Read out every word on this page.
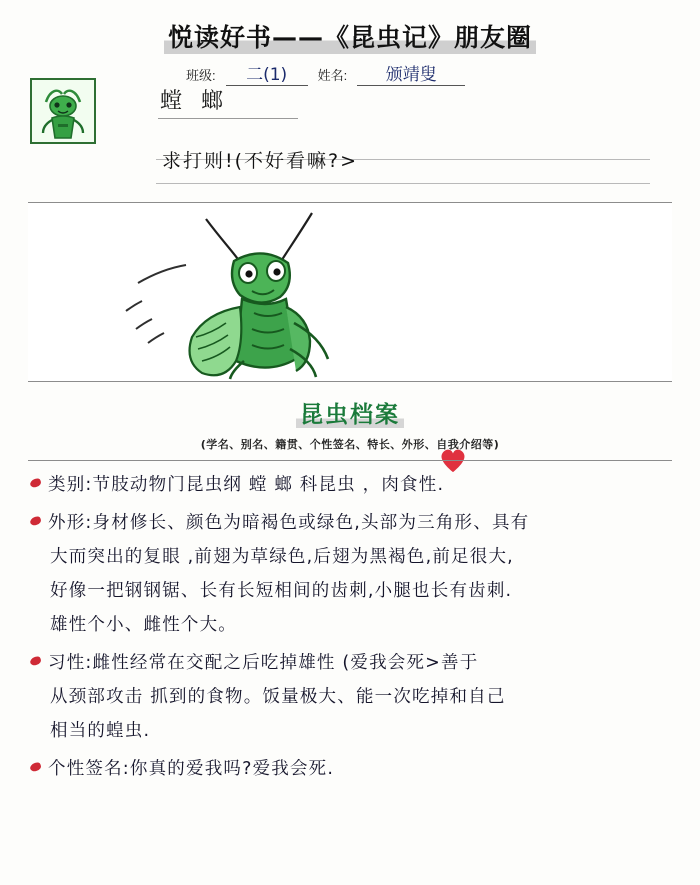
悦读好书——《昆虫记》朋友圈
班级:	二(1)	姓名:	颁靖叟
螳 螂
求打则!(不好看嘛?>
昆虫档案
(学名、别名、籍贯、个性签名、特长、外形、自我介绍等)
类别:节肢动物门昆虫纲 螳 螂 科昆虫 ，肉食性.
外形:身材修长、颜色为暗褐色或绿色,头部为三角形、具有
大而突出的复眼 ,前翅为草绿色,后翅为黑褐色,前足很大,
好像一把钢钢锯、长有长短相间的齿刺,小腿也长有齿刺.
雄性个小、雌性个大。
习性:雌性经常在交配之后吃掉雄性 (爱我会死>善于
从颈部攻击 抓到的食物。饭量极大、能一次吃掉和自己
相当的蝗虫.
个性签名:你真的爱我吗?爱我会死.
